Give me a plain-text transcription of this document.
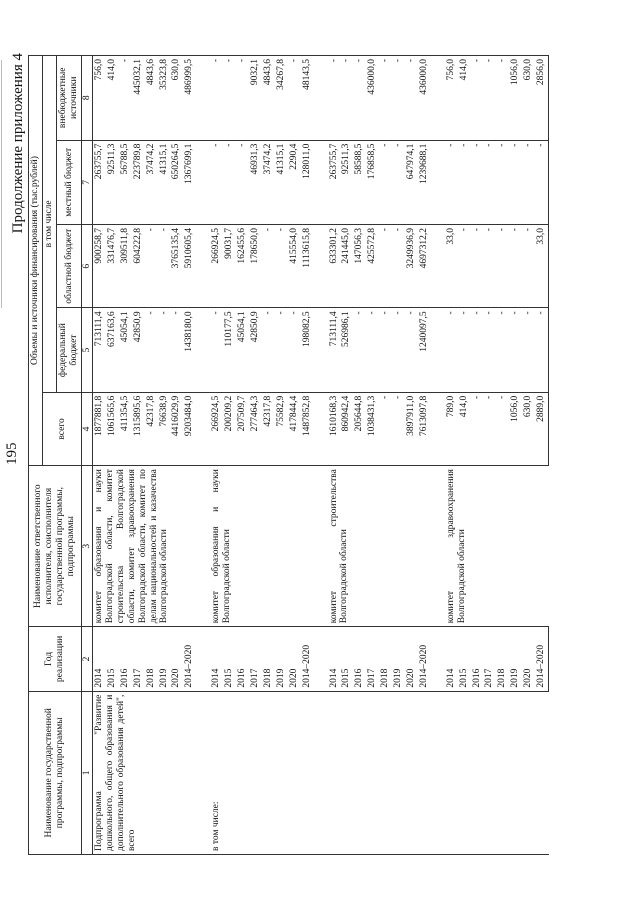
195
Продолжение приложения 4
Наименование государственной программы, подпрограммы	Год реализации	Наименование ответственного исполнителя, соисполнителя государственной программы, подпрограммы	Объемы и источники финансирования (тыс.рублей)				
			всего	в том числе			
				федеральный бюджет	областной бюджет	местный бюджет	внебюджетные источники
1	2	3	4	5	6	7	8
Подпрограмма "Развитие дошкольного, общего образования и дополнительного образования детей", всего	2014	комитет образования и науки Волгоградской области, комитет строительства Волгоградской области, комитет здравоохранения Волгоградской области, комитет по делам национальностей и казачества Волгоградской области	1877881,8	713111,4	900258,7	263755,7	756,0
	2015		1061565,6	637163,6	331476,7	92511,3	414,0
	2016		411354,5	45054,1	309511,8	56788,5	-
	2017		1315895,6	42850,9	604222,8	223789,8	445032,1
	2018		42317,8	-	-	37474,2	4843,6
	2019		76638,9	-	-	41315,1	35323,8
	2020		4416029,9	-	3765135,4	650264,5	630,0
	2014–2020		9203484,0	1438180,0	5910605,4	1367699,1	486999,5

в том числе:	2014	комитет образования и науки Волгоградской области	266924,5	-	266924,5	-	-
	2015		200209,2	110177,5	90031,7	-	-
	2016		207509,7	45054,1	162455,6	-	-
	2017		277464,3	42850,9	178650,0	46931,3	9032,1
	2018		42317,8	-	-	37474,2	4843,6
	2019		75582,9	-	-	41315,1	34267,8
	2020		417844,4	-	415554,0	2290,4	-
	2014–2020		1487852,8	198082,5	1113615,8	128011,0	48143,5

	2014	комитет строительства Волгоградской области	1610168,3	713111,4	633301,2	263755,7	-
	2015		860942,4	526986,1	241445,0	92511,3	-
	2016		205644,8	-	147056,3	58588,5	-
	2017		1038431,3	-	425572,8	176858,5	436000,0
	2018		-	-	-	-	-
	2019		-	-	-	-	-
	2020		3897911,0	-	3249936,9	647974,1	-
	2014–2020		7613097,8	1240097,5	4697312,2	1239688,1	436000,0

	2014	комитет здравоохранения Волгоградской области	789,0	-	33,0	-	756,0
	2015		414,0	-	-	-	414,0
	2016		-	-	-	-	-
	2017		-	-	-	-	-
	2018		-	-	-	-	-
	2019		1056,0	-	-	-	1056,0
	2020		630,0	-	-	-	630,0
	2014–2020		2889,0	-	33,0	-	2856,0
